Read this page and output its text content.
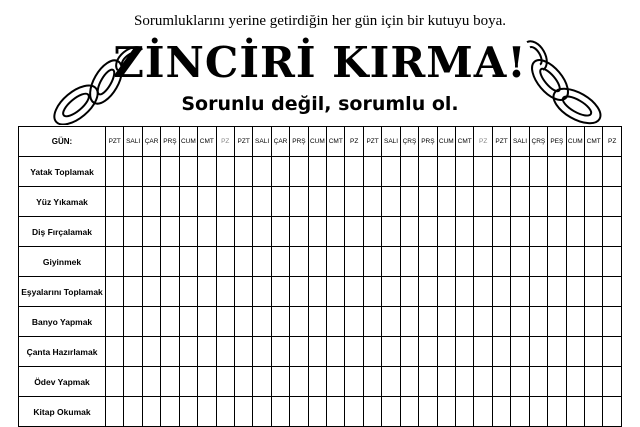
Sorumluklarını yerine getirdiğin her gün için bir kutuyu boya.
ZİNCİRİ KIRMA!
Sorunlu değil, sorumlu ol.
GÜN:	PZT	SALI	ÇAR	PRŞ	CUM	CMT	PZ	PZT	SALI	ÇAR	PRŞ	CUM	CMT	PZ	PZT	SALI	ÇRŞ	PRŞ	CUM	CMT	PZ	PZT	SALI	ÇRŞ	PEŞ	CUM	CMT	PZ
Yatak Toplamak																												
Yüz Yıkamak																												
Diş Fırçalamak																												
Giyinmek																												
Eşyalarını Toplamak																												
Banyo Yapmak																												
Çanta Hazırlamak																												
Ödev Yapmak																												
Kitap Okumak																												
